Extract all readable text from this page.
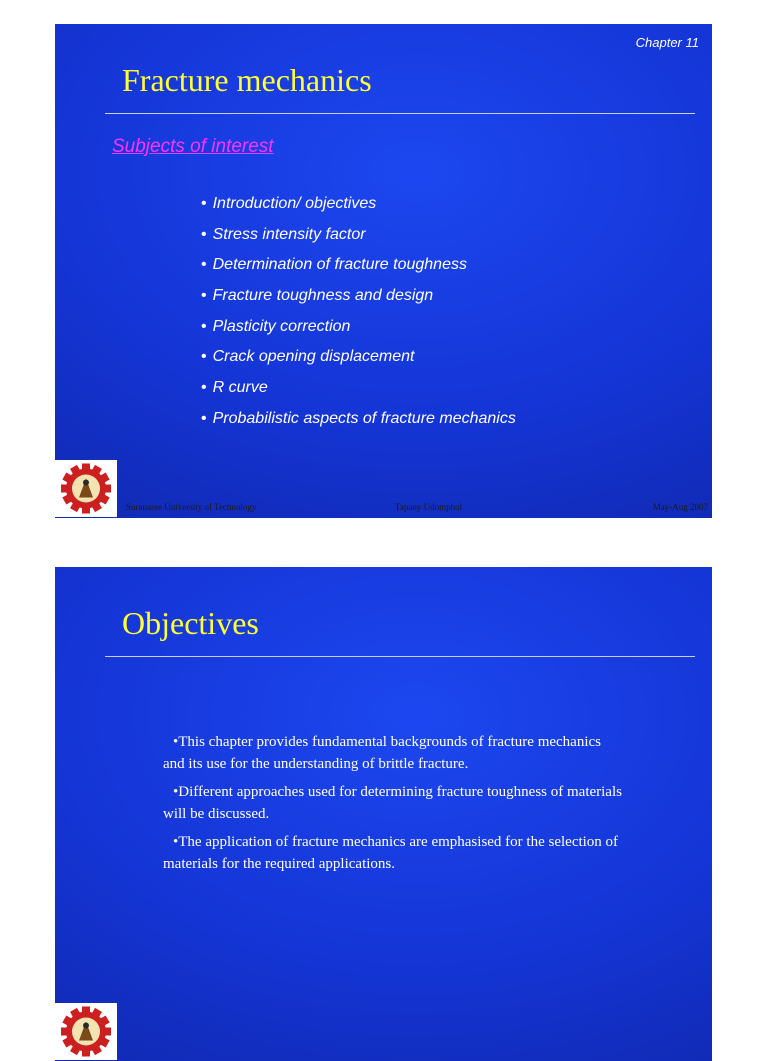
Chapter 11
Fracture mechanics
Subjects of interest
• Introduction/ objectives
• Stress intensity factor
• Determination of fracture toughness
• Fracture toughness and design
• Plasticity correction
• Crack opening displacement
• R curve
• Probabilistic aspects of fracture mechanics
Suranaree University of Technology	Tapany Udomphol	May-Aug 2007
Objectives

•This chapter provides fundamental backgrounds of fracture mechanics and its use for the understanding of brittle fracture.

•Different approaches used for determining fracture toughness of materials will be discussed.

•The application of fracture mechanics are emphasised for the selection of materials for the required applications.
